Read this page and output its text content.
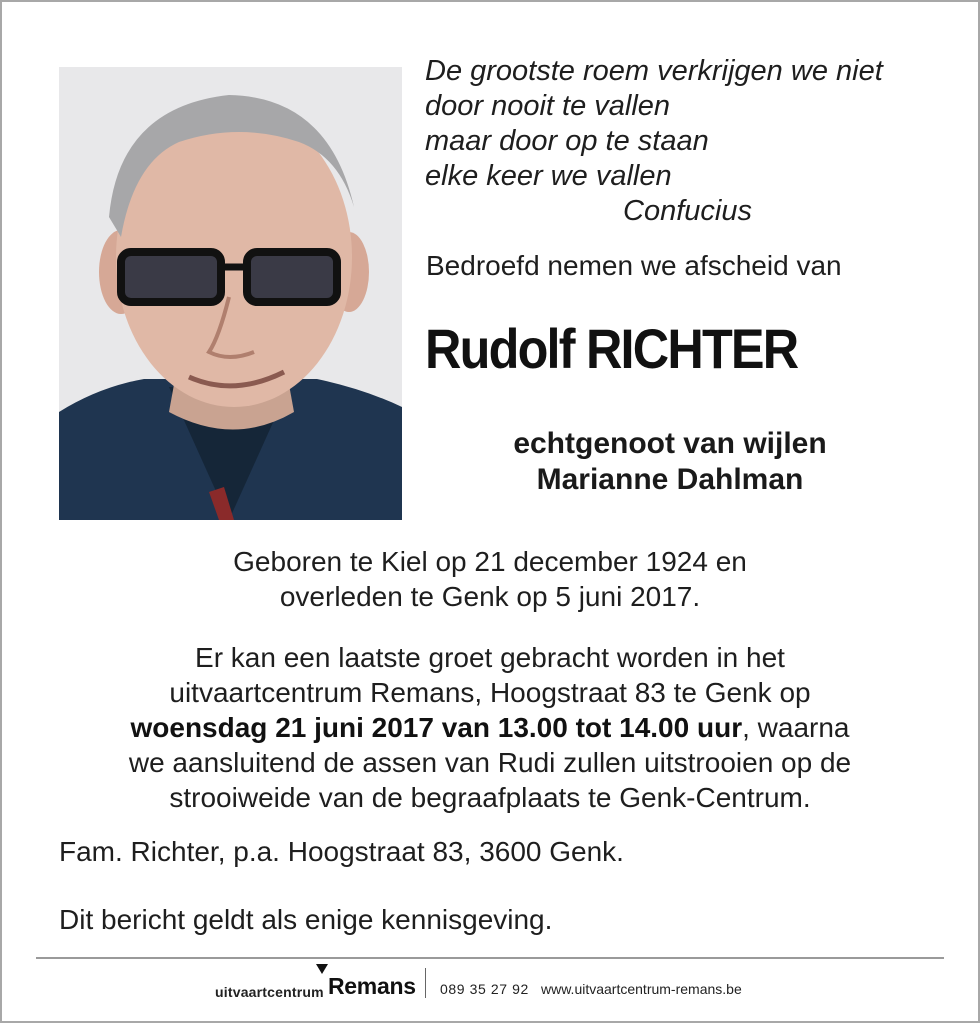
De grootste roem verkrijgen we niet
door nooit te vallen
maar door op te staan
elke keer we vallen
Confucius
Bedroefd nemen we afscheid van
Rudolf RICHTER
echtgenoot van wijlen
Marianne Dahlman
Geboren te Kiel op 21 december 1924 en
overleden te Genk op 5 juni 2017.
Er kan een laatste groet gebracht worden in het
uitvaartcentrum Remans, Hoogstraat 83 te Genk op
woensdag 21 juni 2017 van 13.00 tot 14.00 uur, waarna
we aansluitend de assen van Rudi zullen uitstrooien op de
strooiweide van de begraafplaats te Genk-Centrum.
Fam. Richter, p.a. Hoogstraat 83, 3600 Genk.
Dit bericht geldt als enige kennisgeving.
uitvaartcentrum Remans 089 35 27 92 www.uitvaartcentrum-remans.be
